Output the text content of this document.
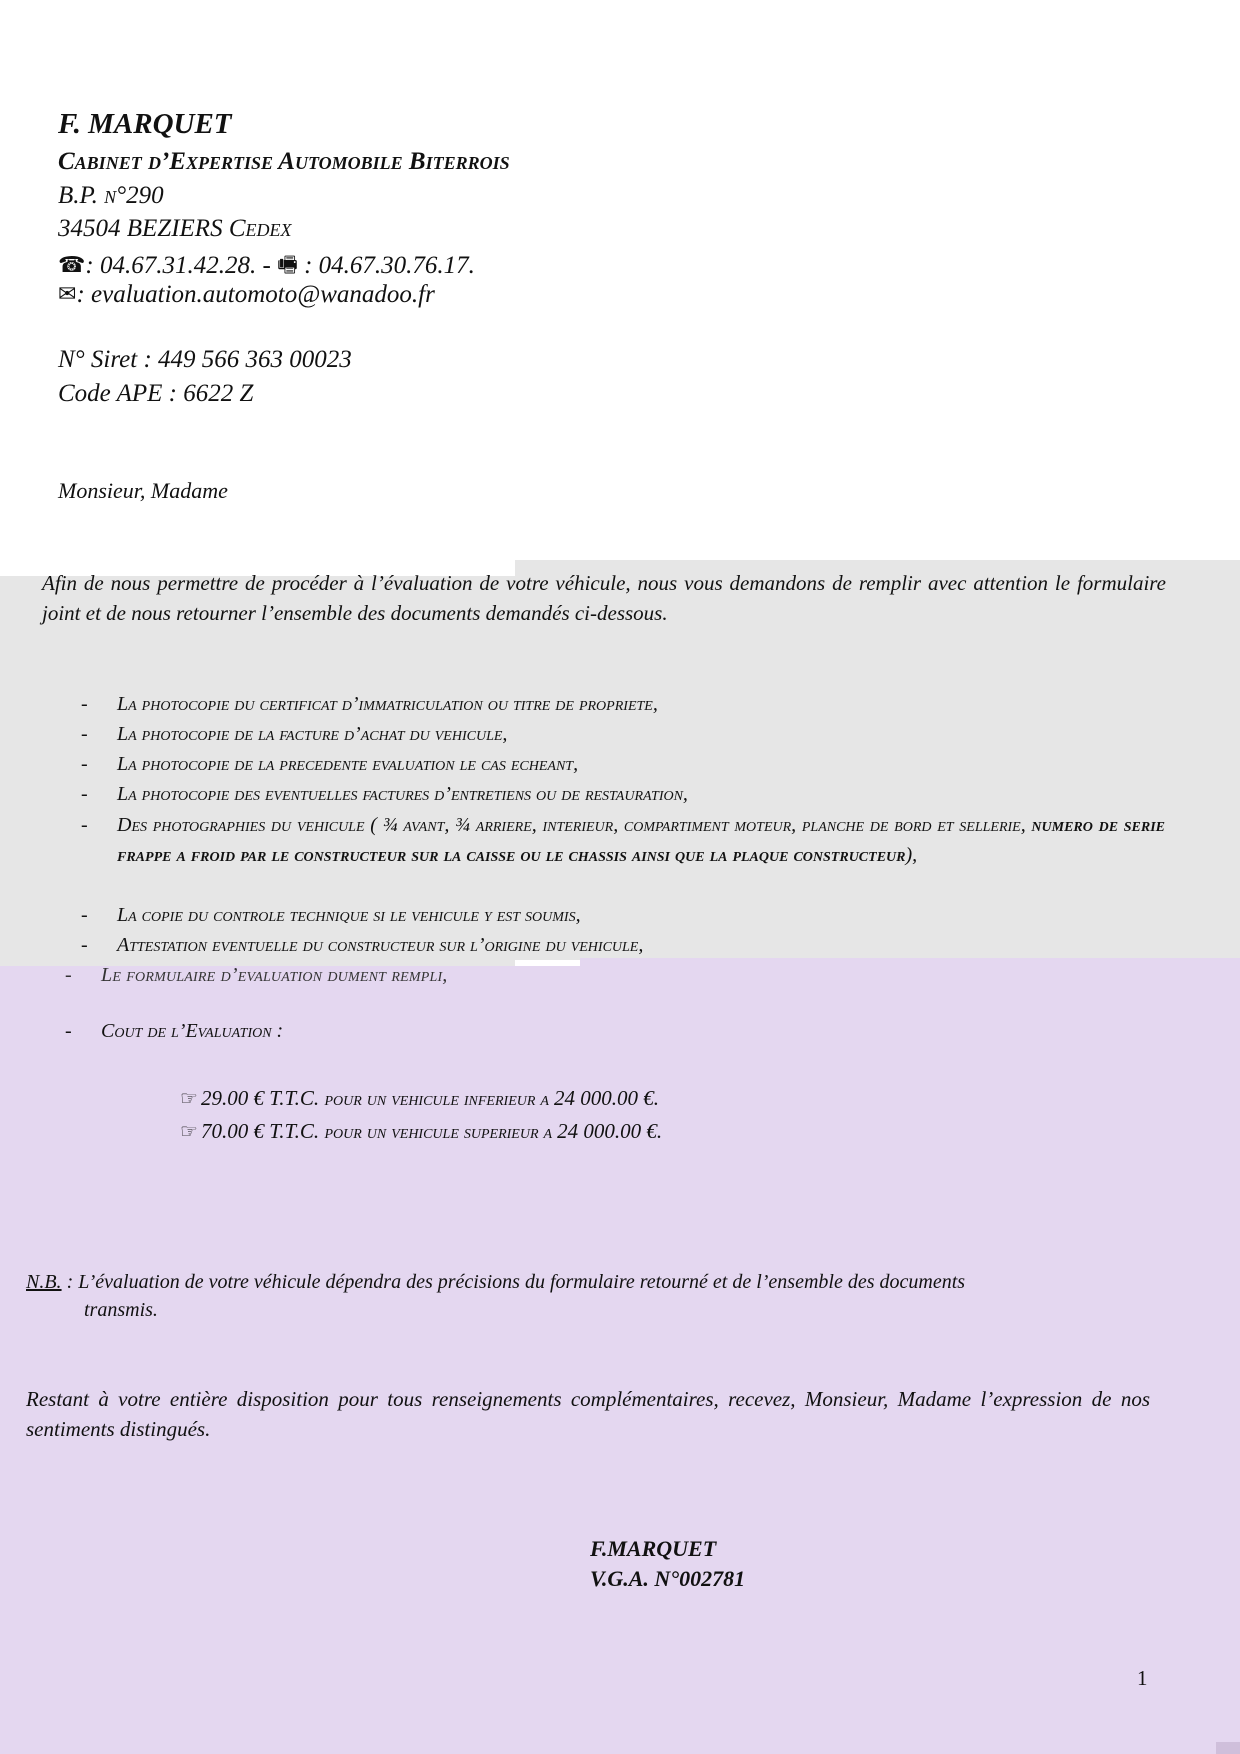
F. MARQUET
Cabinet d’Expertise Automobile Biterrois
B.P. n°290
34504 BEZIERS Cedex
☎: 04.67.31.42.28. - 🖷 : 04.67.30.76.17.
✉: evaluation.automoto@wanadoo.fr
N° Siret : 449 566 363 00023
Code APE : 6622 Z
Monsieur, Madame
Afin de nous permettre de procéder à l’évaluation de votre véhicule, nous vous demandons de remplir avec attention le formulaire joint et de nous retourner l’ensemble des documents demandés ci-dessous.
- La photocopie du certificat d’immatriculation ou titre de propriete,
- La photocopie de la facture d’achat du vehicule,
- La photocopie de la precedente evaluation le cas echeant,
- La photocopie des eventuelles factures d’entretiens ou de restauration,
- Des photographies du vehicule ( ¾ avant, ¾ arriere, interieur, compartiment moteur, planche de bord et sellerie, numero de serie frappe a froid par le constructeur sur la caisse ou le chassis ainsi que la plaque constructeur),
- La copie du controle technique si le vehicule y est soumis,
- Attestation eventuelle du constructeur sur l’origine du vehicule,
- Le formulaire d’evaluation dument rempli,
- Cout de l’Evaluation :
☞ 29.00 € T.T.C. pour un vehicule inferieur a 24 000.00 €.
☞ 70.00 € T.T.C. pour un vehicule superieur a 24 000.00 €.
N.B. : L’évaluation de votre véhicule dépendra des précisions du formulaire retourné et de l’ensemble des documents
transmis.
Restant à votre entière disposition pour tous renseignements complémentaires, recevez, Monsieur, Madame l’expression de nos sentiments distingués.
F.MARQUET
V.G.A. N°002781
1
